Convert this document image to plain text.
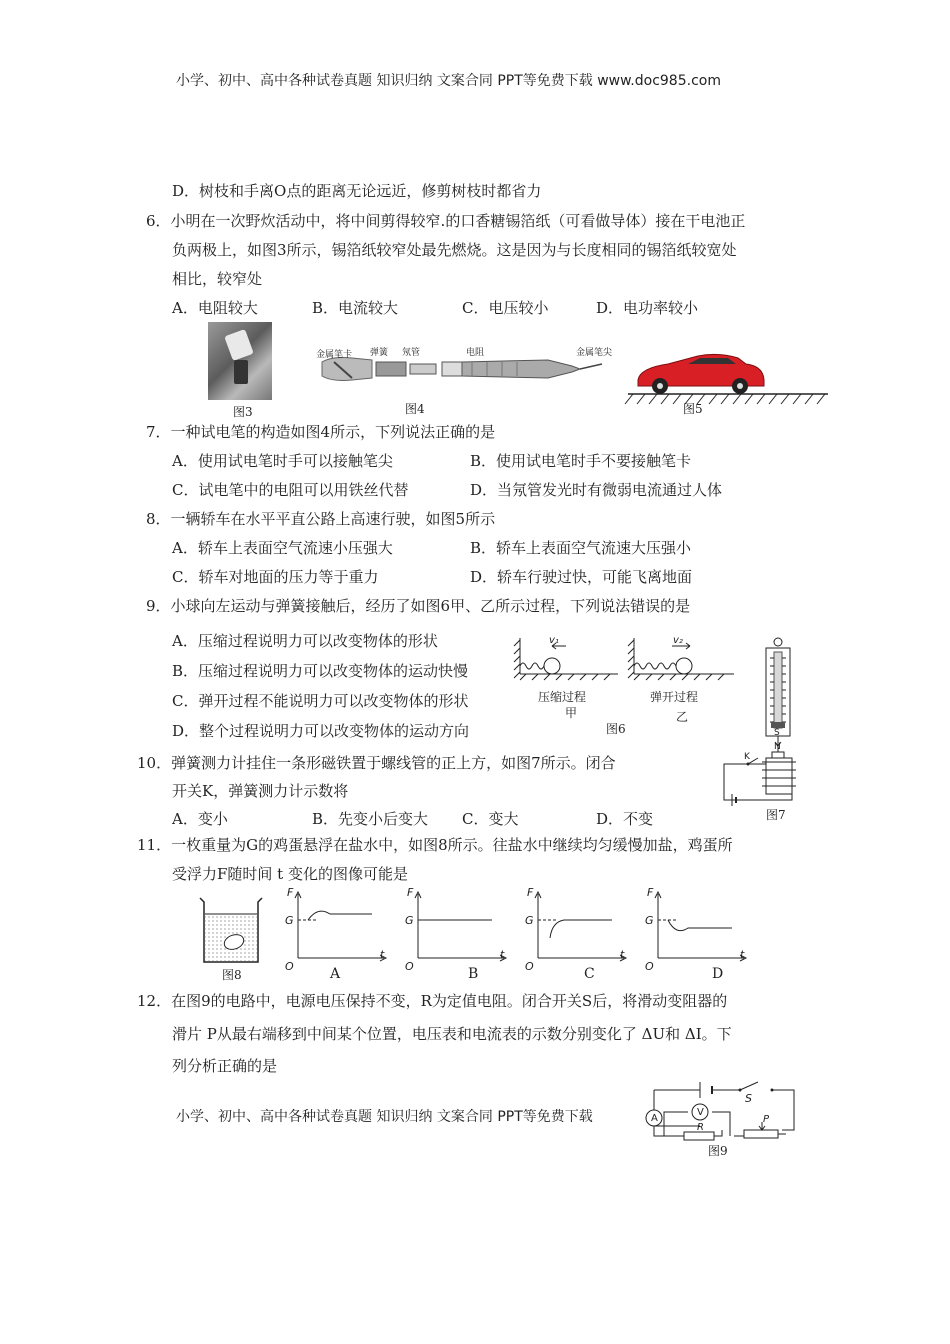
小学、初中、高中各种试卷真题 知识归纳 文案合同 PPT等免费下载 www.doc985.com
D．树枝和手离O点的距离无论远近，修剪树枝时都省力
6．小明在一次野炊活动中，将中间剪得较窄.的口香糖锡箔纸（可看做导体）接在干电池正
负两极上，如图3所示，锡箔纸较窄处最先燃烧。这是因为与长度相同的锡箔纸较宽处
相比，较窄处
A．电阻较大	B．电流较大	C．电压较小	D．电功率较小
图3
金属笔卡 弹簧 氖管	电阻	金属笔尖
图4	图5
7．一种试电笔的构造如图4所示，下列说法正确的是
A．使用试电笔时手可以接触笔尖	B．使用试电笔时手不要接触笔卡
C．试电笔中的电阻可以用铁丝代替	D．当氖管发光时有微弱电流通过人体
8．一辆轿车在水平平直公路上高速行驶，如图5所示
A．轿车上表面空气流速小压强大	B．轿车上表面空气流速大压强小
C．轿车对地面的压力等于重力	D．轿车行驶过快，可能飞离地面
9．小球向左运动与弹簧接触后，经历了如图6甲、乙所示过程，下列说法错误的是
A．压缩过程说明力可以改变物体的形状
B．压缩过程说明力可以改变物体的运动快慢
C．弹开过程不能说明力可以改变物体的形状
D．整个过程说明力可以改变物体的运动方向
v₁	v₂
压缩过程
甲
弹开过程
乙
图6	S
N
K
图7
10．弹簧测力计挂住一条形磁铁置于螺线管的正上方，如图7所示。闭合
开关K，弹簧测力计示数将
A．变小	B．先变小后变大 C．变大	D．不变
11．一枚重量为G的鸡蛋悬浮在盐水中，如图8所示。往盐水中继续均匀缓慢加盐，鸡蛋所
受浮力F随时间 t 变化的图像可能是
图8
F
G
O
t
A
F
G
O
t
B
F
G
O
t
C
F
G
O
t
D
12．在图9的电路中，电源电压保持不变，R为定值电阻。闭合开关S后，将滑动变阻器的
滑片 P从最右端移到中间某个位置，电压表和电流表的示数分别变化了 ΔU和 ΔI。下
列分析正确的是
A
V
S
R
P
图9
小学、初中、高中各种试卷真题 知识归纳 文案合同 PPT等免费下载
